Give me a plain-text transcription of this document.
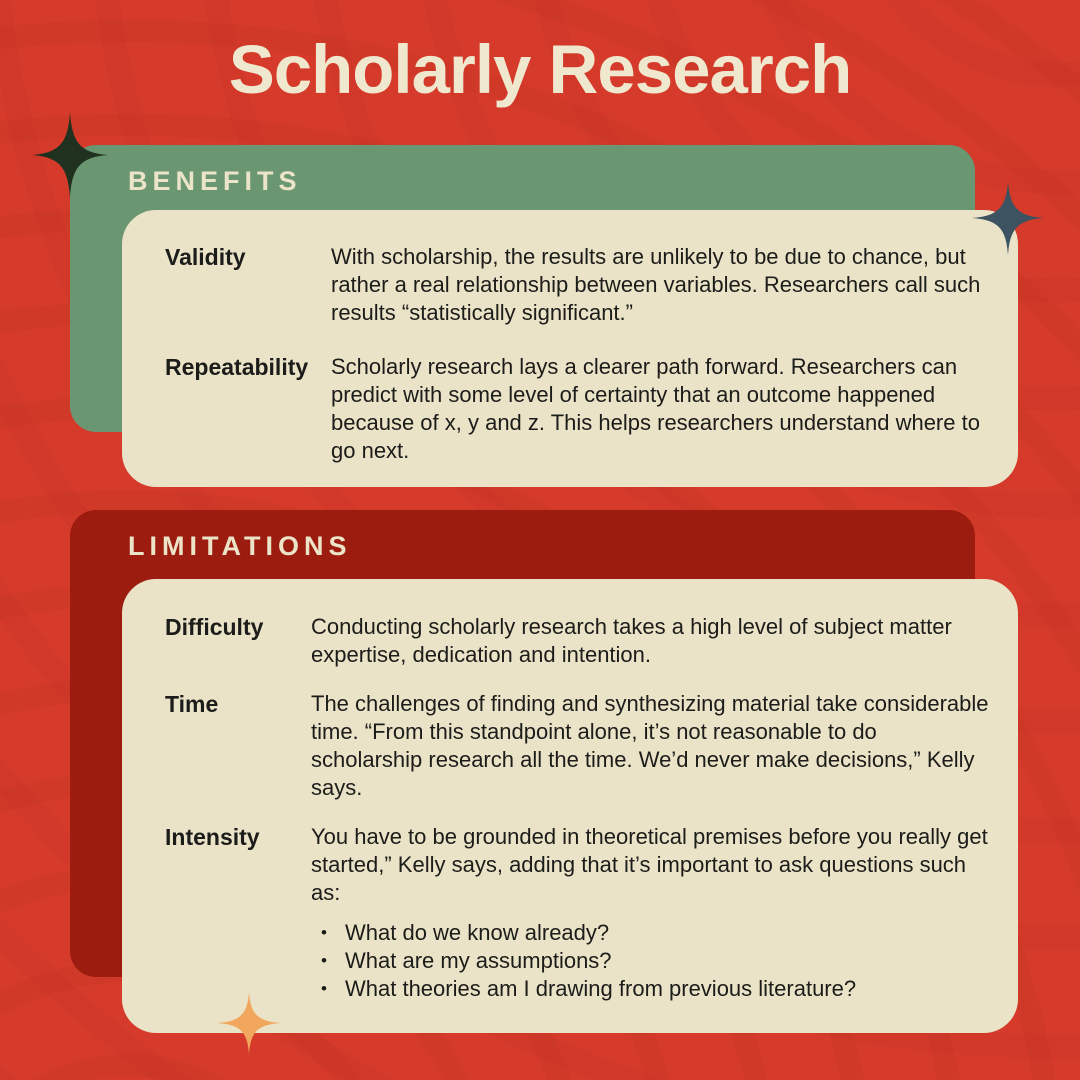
Scholarly Research
BENEFITS
Validity	With scholarship, the results are unlikely to be due to chance, but rather a real relationship between variables. Researchers call such results “statistically significant.”
Repeatability	Scholarly research lays a clearer path forward. Researchers can predict with some level of certainty that an outcome happened because of x, y and z. This helps researchers understand where to go next.
LIMITATIONS
Difficulty	Conducting scholarly research takes a high level of subject matter expertise, dedication and intention.
Time	The challenges of finding and synthesizing material take considerable time. “From this standpoint alone, it’s not reasonable to do scholarship research all the time. We’d never make decisions,” Kelly says.
Intensity	You have to be grounded in theoretical premises before you really get started,” Kelly says, adding that it’s important to ask questions such as:

• What do we know already?
• What are my assumptions?
• What theories am I drawing from previous literature?
